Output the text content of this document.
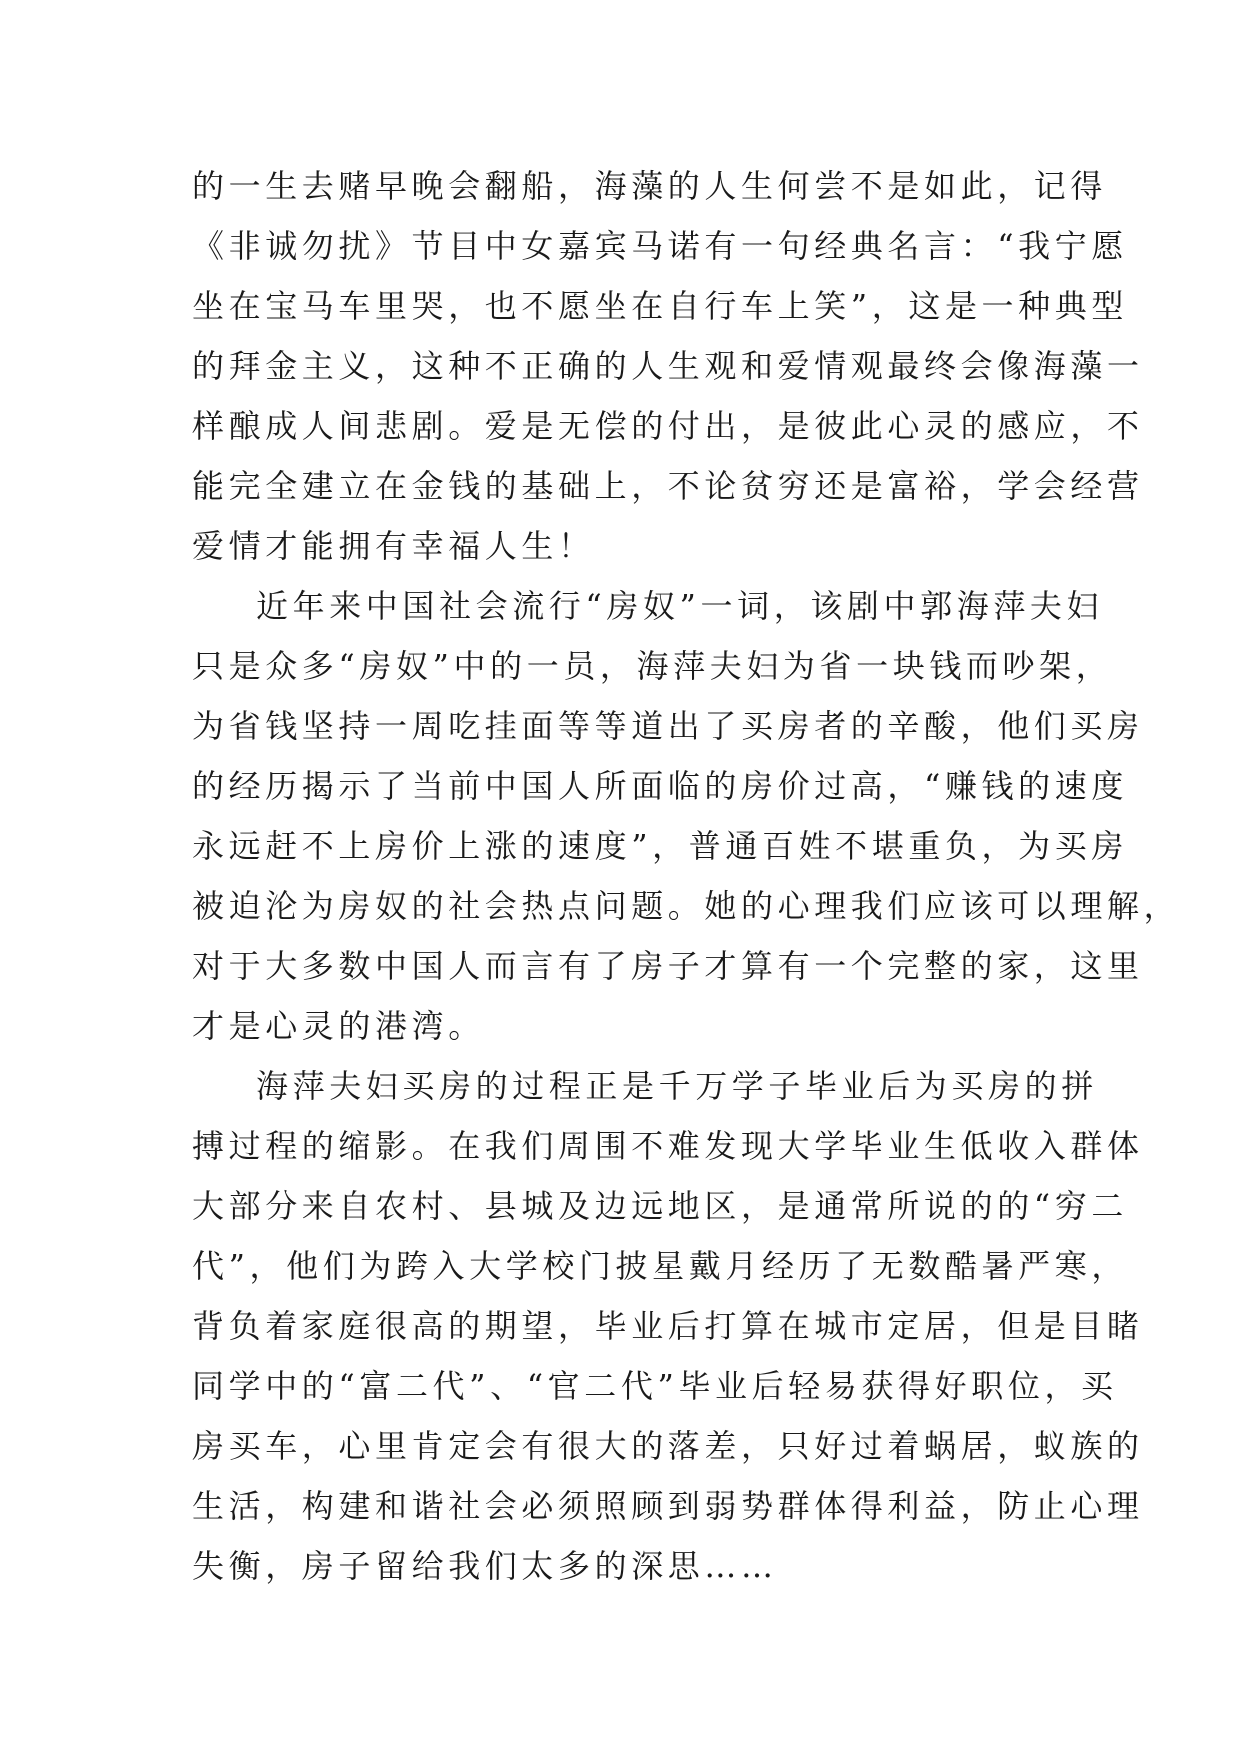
的一生去赌早晚会翻船，海藻的人生何尝不是如此，记得
《非诚勿扰》节目中女嘉宾马诺有一句经典名言：“我宁愿
坐在宝马车里哭，也不愿坐在自行车上笑”，这是一种典型
的拜金主义，这种不正确的人生观和爱情观最终会像海藻一
样酿成人间悲剧。爱是无偿的付出，是彼此心灵的感应，不
能完全建立在金钱的基础上，不论贫穷还是富裕，学会经营
爱情才能拥有幸福人生！
近年来中国社会流行“房奴”一词，该剧中郭海萍夫妇
只是众多“房奴”中的一员，海萍夫妇为省一块钱而吵架，
为省钱坚持一周吃挂面等等道出了买房者的辛酸，他们买房
的经历揭示了当前中国人所面临的房价过高，“赚钱的速度
永远赶不上房价上涨的速度”，普通百姓不堪重负，为买房
被迫沦为房奴的社会热点问题。她的心理我们应该可以理解，
对于大多数中国人而言有了房子才算有一个完整的家，这里
才是心灵的港湾。
海萍夫妇买房的过程正是千万学子毕业后为买房的拼
搏过程的缩影。在我们周围不难发现大学毕业生低收入群体
大部分来自农村、县城及边远地区，是通常所说的的“穷二
代”，他们为跨入大学校门披星戴月经历了无数酷暑严寒，
背负着家庭很高的期望，毕业后打算在城市定居，但是目睹
同学中的“富二代”、“官二代”毕业后轻易获得好职位，买
房买车，心里肯定会有很大的落差，只好过着蜗居，蚁族的
生活，构建和谐社会必须照顾到弱势群体得利益，防止心理
失衡，房子留给我们太多的深思……
